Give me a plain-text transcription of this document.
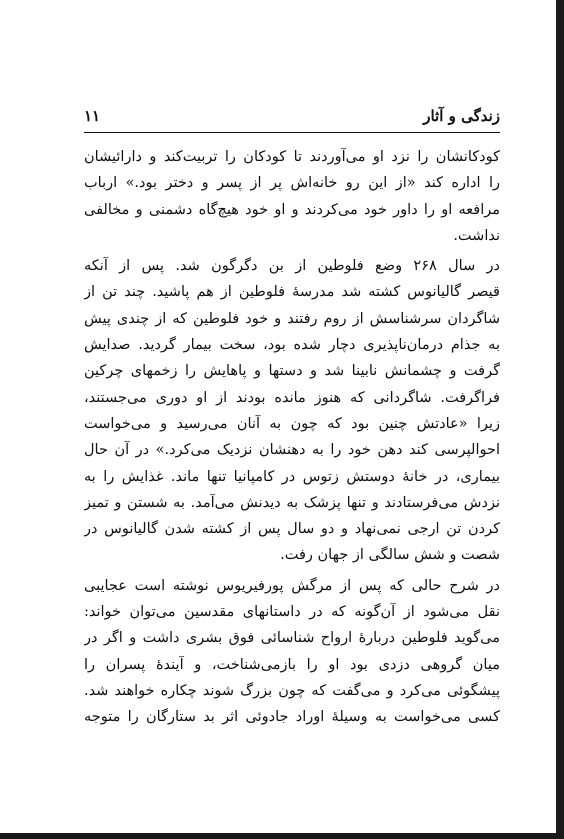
زندگی و آثار
۱۱
کودکانشان را نزد او می‌آوردند تا کودکان را تربیت‌کند و دارائیشان
را اداره کند «از این رو خانه‌اش پر از پسر و دختر بود.» ارباب
مرافعه او را داور خود می‌کردند و او خود هیچ‌گاه دشمنی و مخالفی
نداشت.
در سال ۲۶۸ وضع فلوطین از بن دگرگون شد. پس از آنکه
قیصر گالیانوس کشته شد مدرسهٔ فلوطین از هم پاشید. چند تن از
شاگردان سرشناسش از روم رفتند و خود فلوطین که از چندی پیش
به جذام درمان‌ناپذیری دچار شده بود، سخت بیمار گردید. صدایش
گرفت و چشمانش نابینا شد و دستها و پاهایش را زخمهای چرکین
فراگرفت. شاگردانی که هنوز مانده بودند از او دوری می‌جستند،
زیرا «عادتش چنین بود که چون به آنان می‌رسید و می‌خواست
احوالپرسی کند دهن خود را به دهنشان نزدیک می‌کرد.» در آن حال
بیماری، در خانهٔ دوستش زتوس در کامپانیا تنها ماند. غذایش را به
نزدش می‌فرستادند و تنها پزشک به دیدنش می‌آمد. به شستن و تمیز
کردن تن ارجی نمی‌نهاد و دو سال پس از کشته شدن گالیانوس در
شصت و شش سالگی از جهان رفت.
در شرح حالی که پس از مرگش پورفیریوس نوشته است عجایبی
نقل می‌شود از آن‌گونه که در داستانهای مقدسین می‌توان خواند:
می‌گوید فلوطین دربارهٔ ارواح شناسائی فوق بشری داشت و اگر در
میان گروهی دزدی بود او را بازمی‌شناخت، و آیندهٔ پسران را
پیشگوئی می‌کرد و می‌گفت که چون بزرگ شوند چکاره خواهند شد.
کسی می‌خواست به وسیلهٔ اوراد جادوئی اثر بد ستارگان را متوجه
